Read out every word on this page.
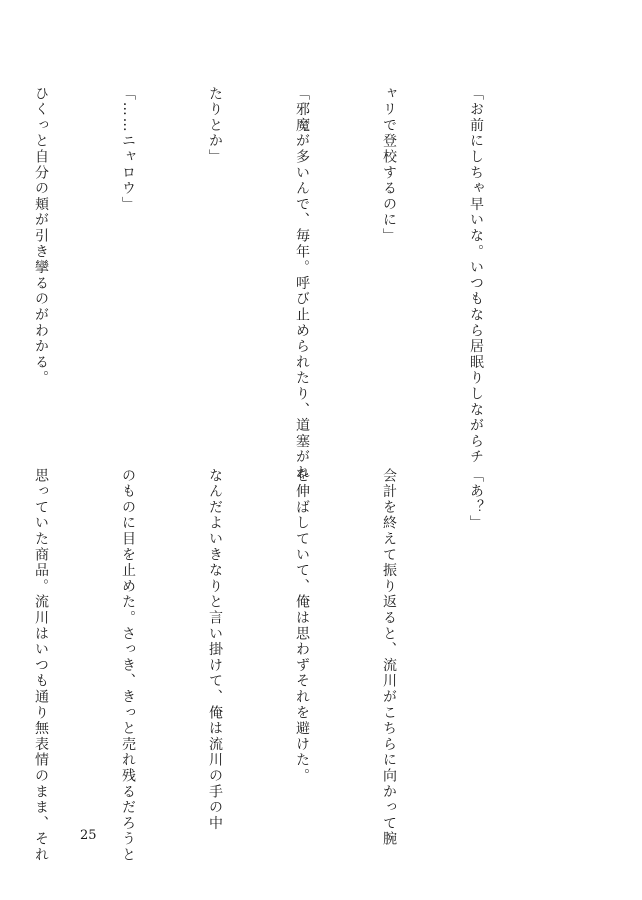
「お前にしちゃ早いな。いつもなら居眠りしながらチ

ャリで登校するのに」

「邪魔が多いんで、毎年。呼び止められたり、道塞がれ

たりとか」

「……ニャロウ」

ひくっと自分の頬が引き攣るのがわかる。

「あ？」

会計を終えて振り返ると、流川がこちらに向かって腕

を伸ばしていて、俺は思わずそれを避けた。

なんだよいきなりと言い掛けて、俺は流川の手の中

のものに目を止めた。さっき、きっと売れ残るだろうと

思っていた商品。流川はいつも通り無表情のまま、それ

	25
